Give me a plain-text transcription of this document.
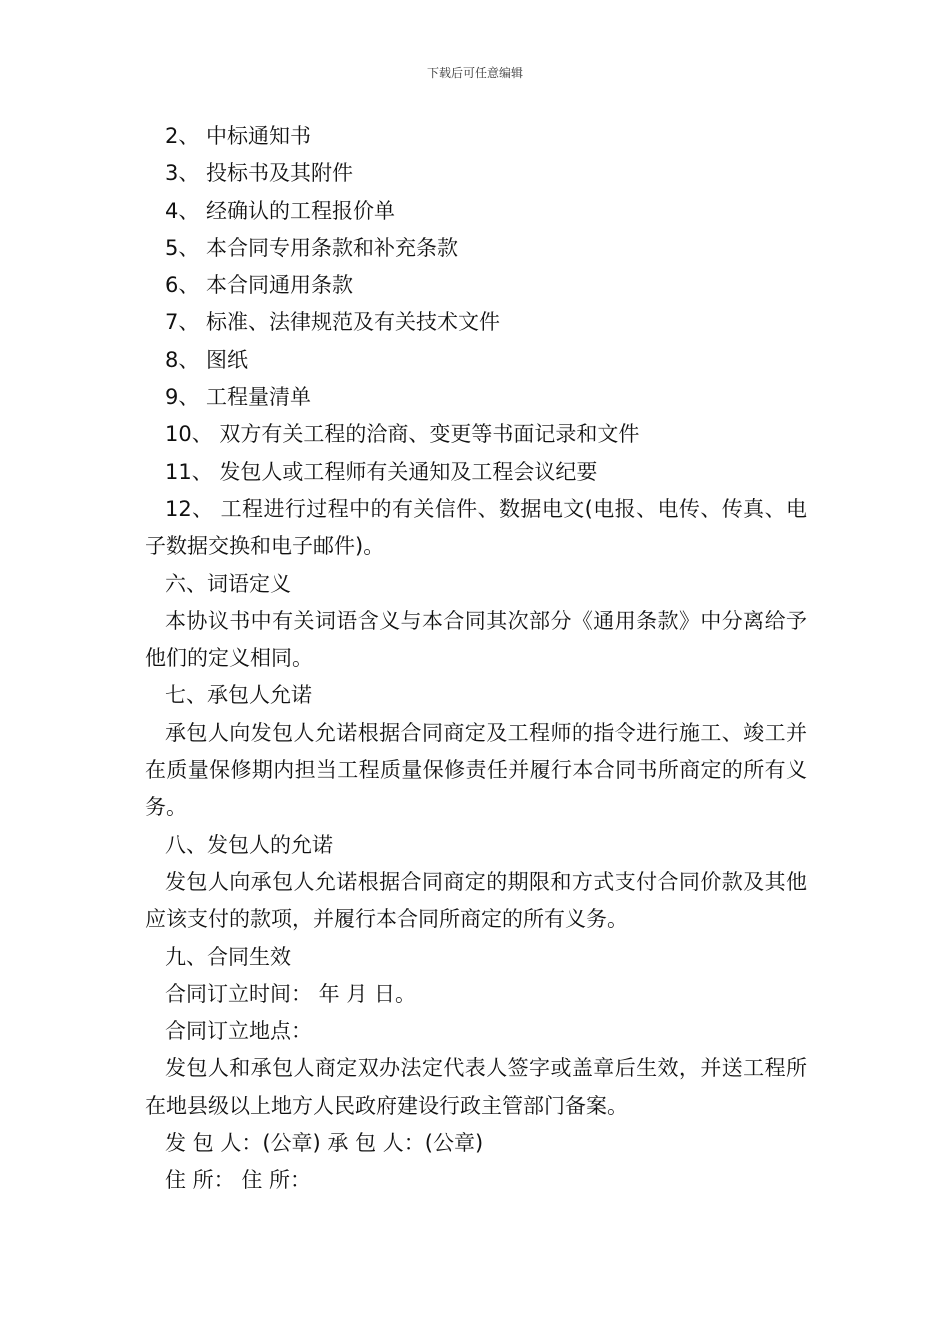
下载后可任意编辑

2、 中标通知书

3、 投标书及其附件

4、 经确认的工程报价单

5、 本合同专用条款和补充条款

6、 本合同通用条款

7、 标准、法律规范及有关技术文件

8、 图纸

9、 工程量清单

10、 双方有关工程的洽商、变更等书面记录和文件

11、 发包人或工程师有关通知及工程会议纪要

12、 工程进行过程中的有关信件、数据电文(电报、电传、传真、电子数据交换和电子邮件)。

六、词语定义

本协议书中有关词语含义与本合同其次部分《通用条款》中分离给予他们的定义相同。

七、承包人允诺

承包人向发包人允诺根据合同商定及工程师的指令进行施工、竣工并在质量保修期内担当工程质量保修责任并履行本合同书所商定的所有义务。

八、发包人的允诺

发包人向承包人允诺根据合同商定的期限和方式支付合同价款及其他应该支付的款项，并履行本合同所商定的所有义务。

九、合同生效

合同订立时间： 年 月 日。

合同订立地点：

发包人和承包人商定双办法定代表人签字或盖章后生效，并送工程所在地县级以上地方人民政府建设行政主管部门备案。

发 包 人：(公章) 承 包 人：(公章)

住 所： 住 所：
